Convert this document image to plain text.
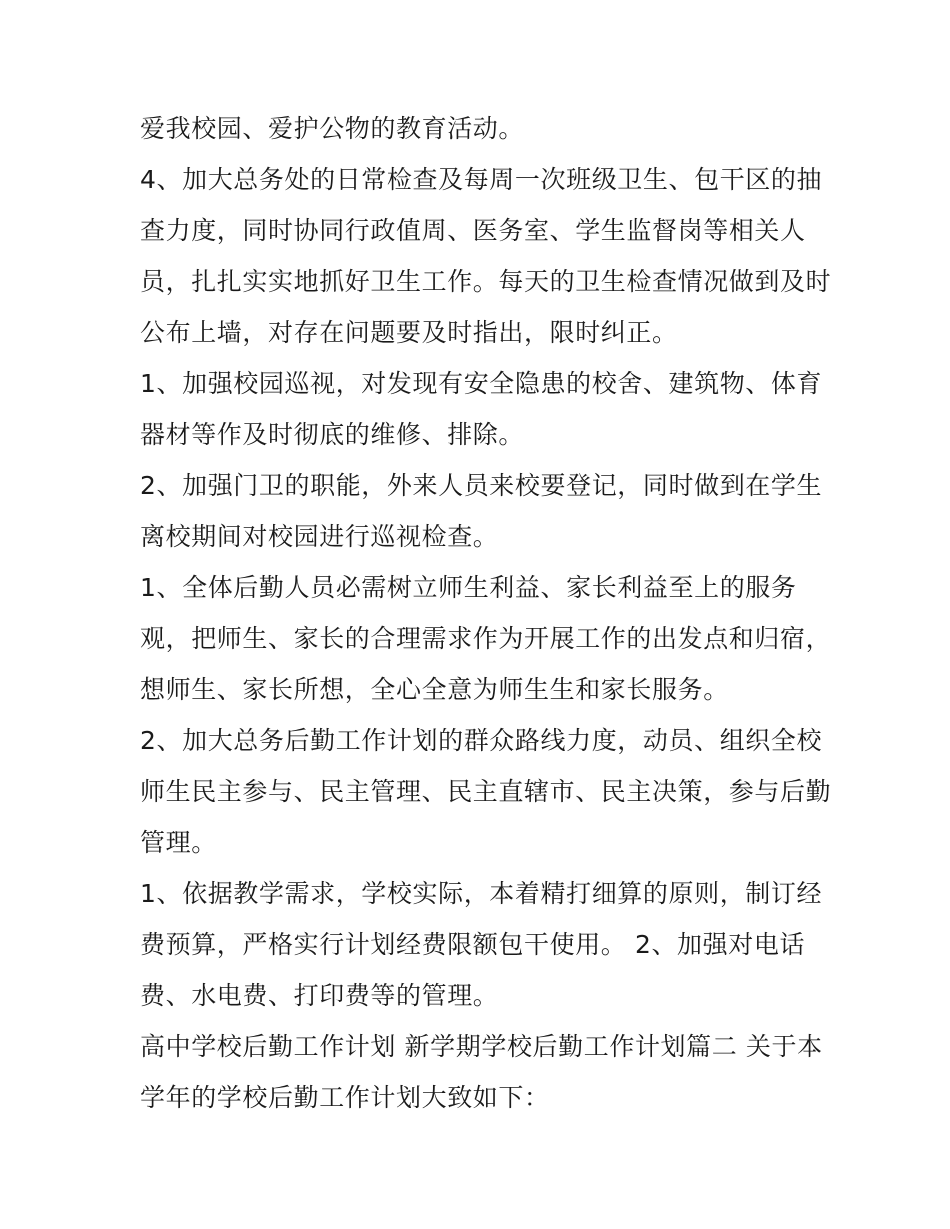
爱我校园、爱护公物的教育活动。
4、加大总务处的日常检查及每周一次班级卫生、包干区的抽
查力度，同时协同行政值周、医务室、学生监督岗等相关人
员，扎扎实实地抓好卫生工作。每天的卫生检查情况做到及时
公布上墙，对存在问题要及时指出，限时纠正。
1、加强校园巡视，对发现有安全隐患的校舍、建筑物、体育
器材等作及时彻底的维修、排除。
2、加强门卫的职能，外来人员来校要登记，同时做到在学生
离校期间对校园进行巡视检查。
1、全体后勤人员必需树立师生利益、家长利益至上的服务
观，把师生、家长的合理需求作为开展工作的出发点和归宿，
想师生、家长所想，全心全意为师生生和家长服务。
2、加大总务后勤工作计划的群众路线力度，动员、组织全校
师生民主参与、民主管理、民主直辖市、民主决策，参与后勤
管理。
1、依据教学需求，学校实际，本着精打细算的原则，制订经
费预算，严格实行计划经费限额包干使用。 2、加强对电话
费、水电费、打印费等的管理。
高中学校后勤工作计划 新学期学校后勤工作计划篇二 关于本
学年的学校后勤工作计划大致如下：
